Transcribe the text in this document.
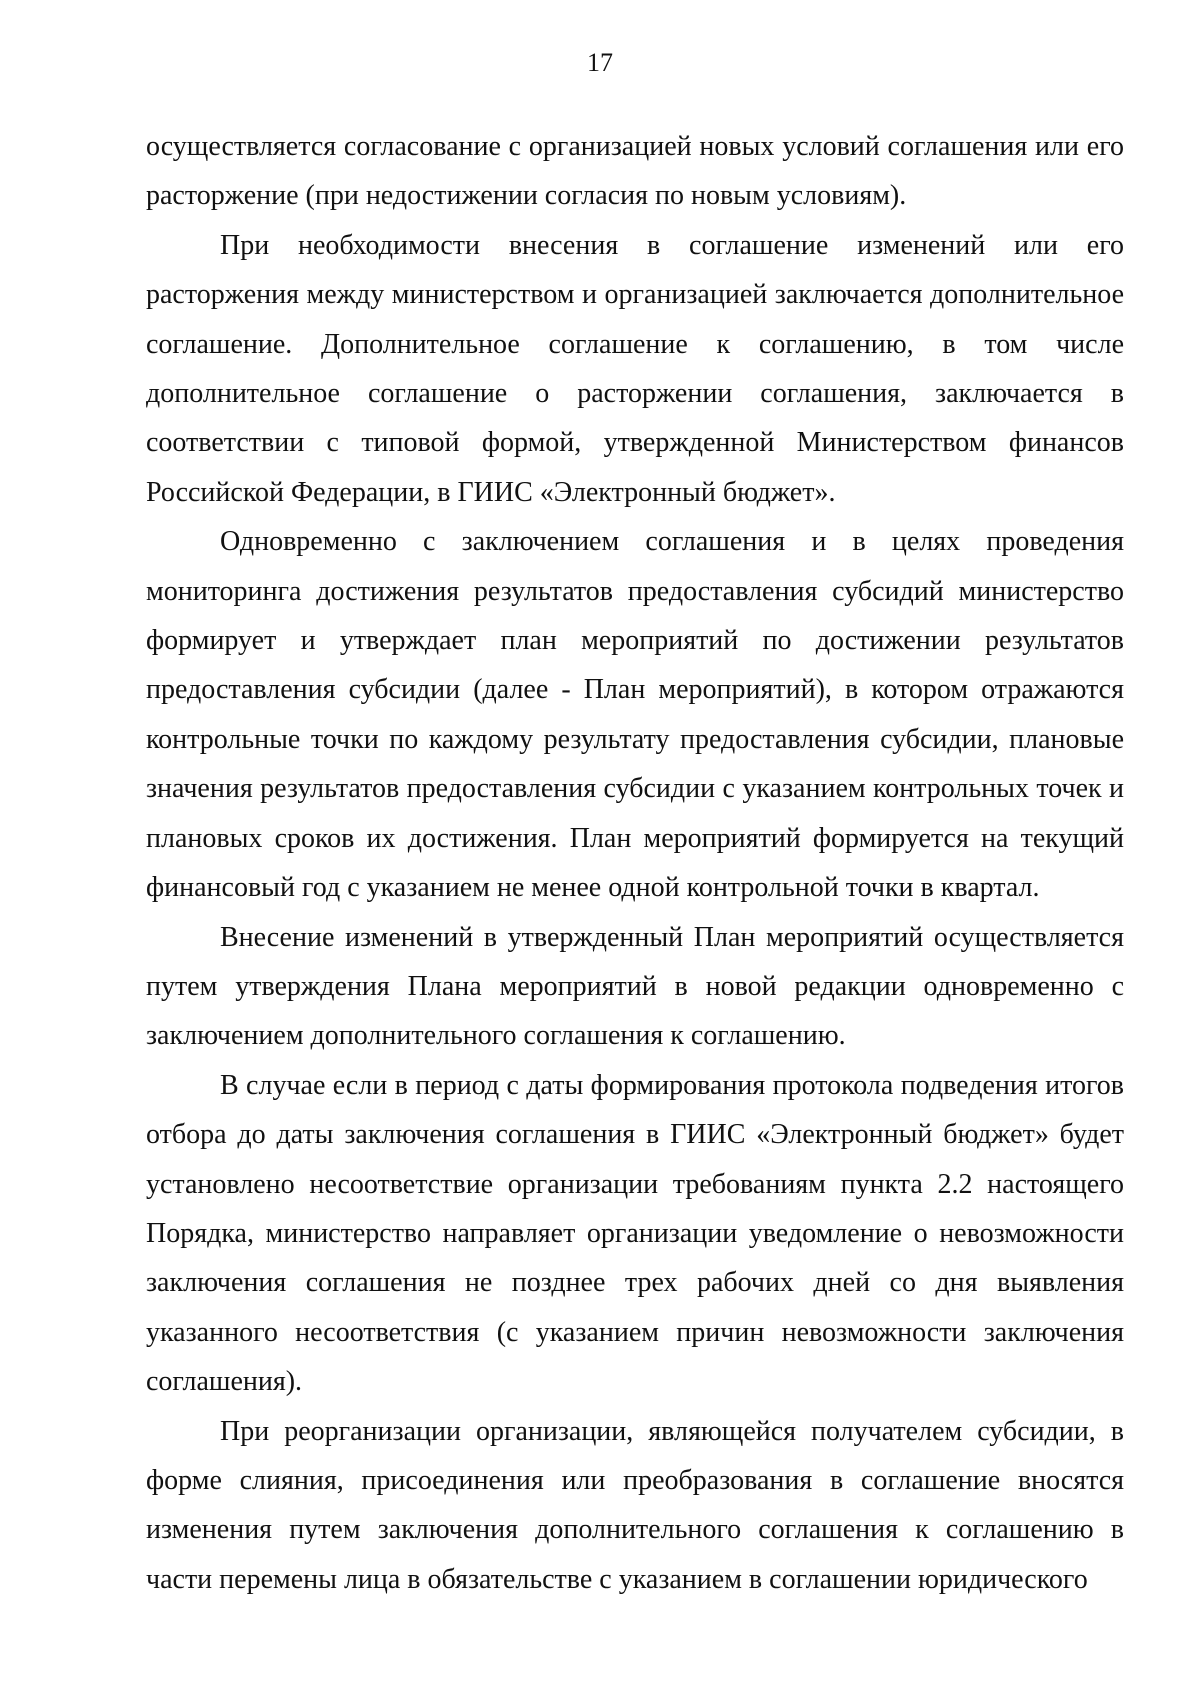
17

осуществляется согласование с организацией новых условий соглашения или его расторжение (при недостижении согласия по новым условиям).

При необходимости внесения в соглашение изменений или его расторжения между министерством и организацией заключается дополнительное соглашение. Дополнительное соглашение к соглашению, в том числе дополнительное соглашение о расторжении соглашения, заключается в соответствии с типовой формой, утвержденной Министерством финансов Российской Федерации, в ГИИС «Электронный бюджет».

Одновременно с заключением соглашения и в целях проведения мониторинга достижения результатов предоставления субсидий министерство формирует и утверждает план мероприятий по достижении результатов предоставления субсидии (далее - План мероприятий), в котором отражаются контрольные точки по каждому результату предоставления субсидии, плановые значения результатов предоставления субсидии с указанием контрольных точек и плановых сроков их достижения. План мероприятий формируется на текущий финансовый год с указанием не менее одной контрольной точки в квартал.

Внесение изменений в утвержденный План мероприятий осуществляется путем утверждения Плана мероприятий в новой редакции одновременно с заключением дополнительного соглашения к соглашению.

В случае если в период с даты формирования протокола подведения итогов отбора до даты заключения соглашения в ГИИС «Электронный бюджет» будет установлено несоответствие организации требованиям пункта 2.2 настоящего Порядка, министерство направляет организации уведомление о невозможности заключения соглашения не позднее трех рабочих дней со дня выявления указанного несоответствия (с указанием причин невозможности заключения соглашения).

При реорганизации организации, являющейся получателем субсидии, в форме слияния, присоединения или преобразования в соглашение вносятся изменения путем заключения дополнительного соглашения к соглашению в части перемены лица в обязательстве с указанием в соглашении юридического
